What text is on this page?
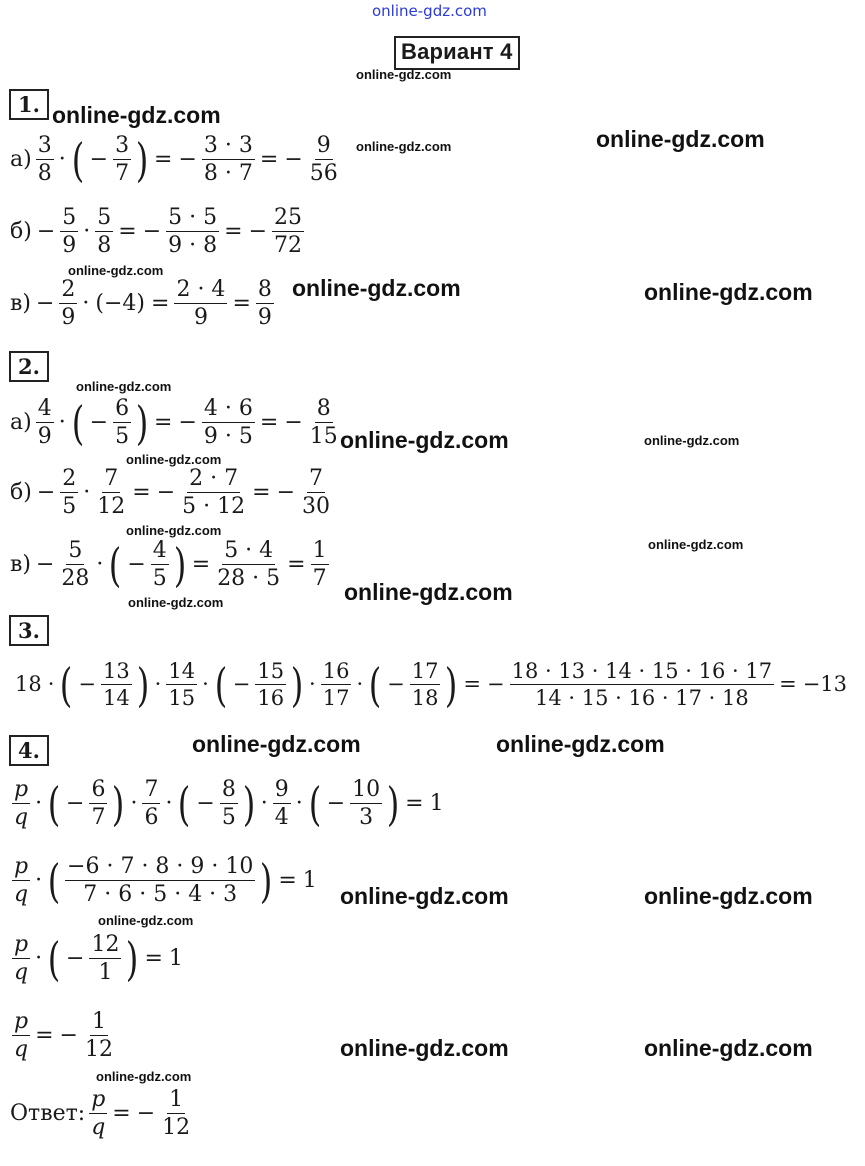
online-gdz.com
Вариант 4
online-gdz.com
online-gdz.com
online-gdz.com	online-gdz.com
online-gdz.com
online-gdz.com	online-gdz.com
online-gdz.com
online-gdz.com	online-gdz.com
online-gdz.com
online-gdz.com
online-gdz.com
online-gdz.com
online-gdz.com
online-gdz.com	online-gdz.com
online-gdz.com	online-gdz.com
online-gdz.com
online-gdz.com	online-gdz.com
online-gdz.com
1.
$а) \frac{3}{8}$ · ( − $\frac{3}{7}$ ) = − $\frac{3 \cdot 3}{8 \cdot 7}$ = − $\frac{9}{56}$
$б) - \frac{5}{9} \cdot \frac{5}{8}$ = − $\frac{5 \cdot 5}{9 \cdot 8}$ = − $\frac{25}{72}$
$в) - \frac{2}{9} \cdot (-4) = \frac{2 \cdot 4}{9} = \frac{8}{9}$
2.
$а) \frac{4}{9}$ · ( − $\frac{6}{5}$ ) = − $\frac{4 \cdot 6}{9 \cdot 5}$ = − $\frac{8}{15}$
$б) - \frac{2}{5} \cdot \frac{7}{12}$ = − $\frac{2 \cdot 7}{5 \cdot 12}$ = − $\frac{7}{30}$
$в) - \frac{5}{28}$ · ( − $\frac{4}{5}$ ) = $\frac{5 \cdot 4}{28 \cdot 5} = \frac{1}{7}$
3.
18 · ( − $\frac{13}{14}$ ) · $\frac{14}{15}$ · ( − $\frac{15}{16}$ ) · $\frac{16}{17}$ · ( − $\frac{17}{18}$ ) = − $\frac{18 \cdot 13 \cdot 14 \cdot 15 \cdot 16 \cdot 17}{14 \cdot 15 \cdot 16 \cdot 17 \cdot 18} = -13$
4.
$\frac{p}{q}$ · ( − $\frac{6}{7}$ ) · $\frac{7}{6}$ · ( − $\frac{8}{5}$ ) · $\frac{9}{4}$ · ( − $\frac{10}{3}$ ) = 1
$\frac{p}{q}$ · ( $\frac{-6 \cdot 7 \cdot 8 \cdot 9 \cdot 10}{7 \cdot 6 \cdot 5 \cdot 4 \cdot 3}$ ) = 1
$\frac{p}{q}$ · ( − $\frac{12}{1}$ ) = 1
$\frac{p}{q}$ = − $\frac{1}{12}$
Ответ: $\frac{p}{q}$ = − $\frac{1}{12}$
